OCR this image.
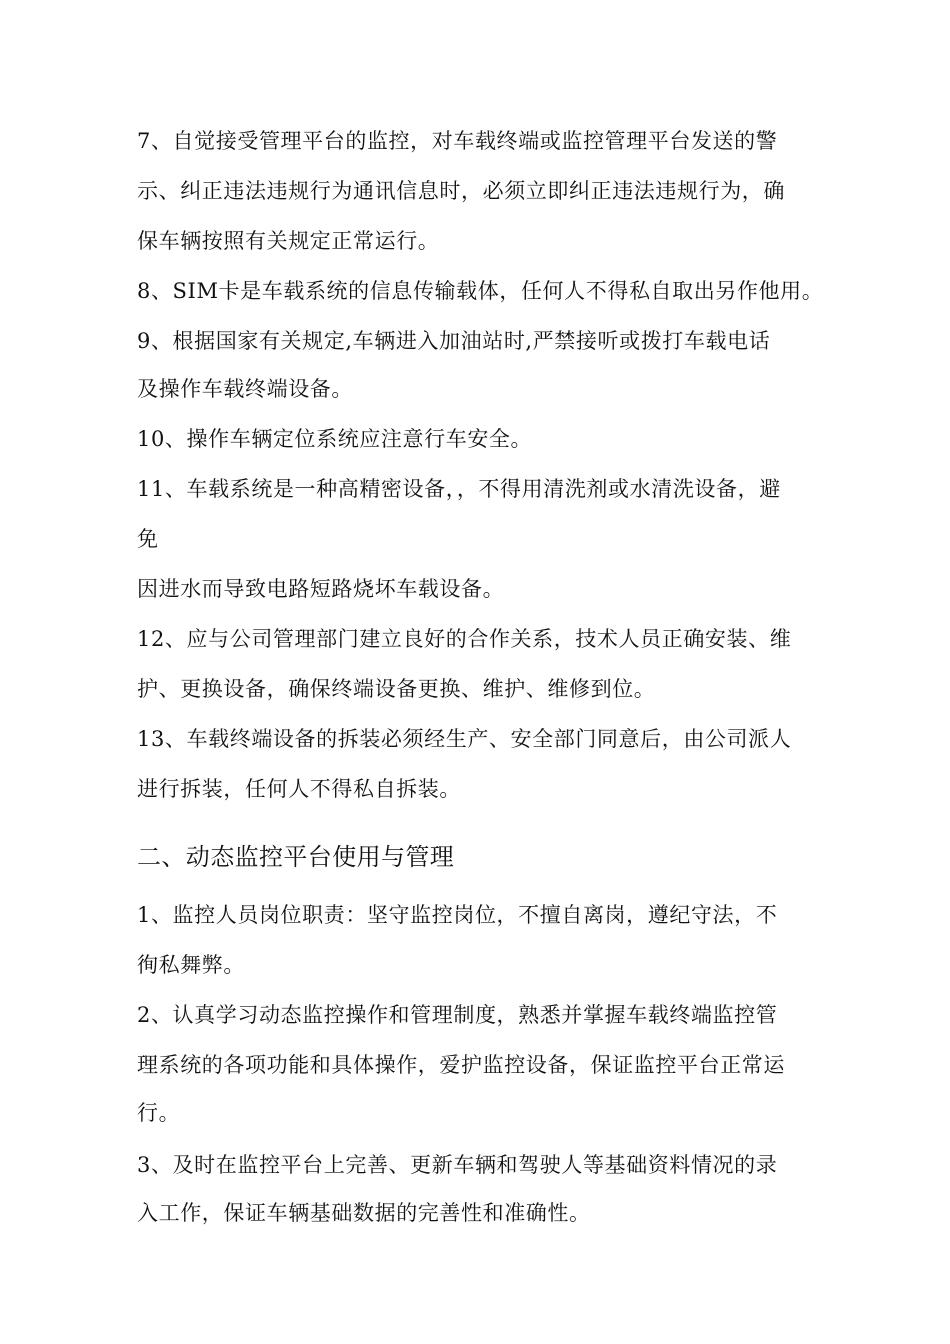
7、自觉接受管理平台的监控，对车载终端或监控管理平台发送的警
示、纠正违法违规行为通讯信息时，必须立即纠正违法违规行为，确
保车辆按照有关规定正常运行。
8、SIM卡是车载系统的信息传输载体，任何人不得私自取出另作他用。
9、根据国家有关规定,车辆进入加油站时,严禁接听或拨打车载电话
及操作车载终端设备。
10、操作车辆定位系统应注意行车安全。
11、车载系统是一种高精密设备，，不得用清洗剂或水清洗设备，避
免
因进水而导致电路短路烧坏车载设备。
12、应与公司管理部门建立良好的合作关系，技术人员正确安装、维
护、更换设备，确保终端设备更换、维护、维修到位。
13、车载终端设备的拆装必须经生产、安全部门同意后，由公司派人
进行拆装，任何人不得私自拆装。
二、动态监控平台使用与管理
1、监控人员岗位职责：坚守监控岗位，不擅自离岗，遵纪守法，不
徇私舞弊。
2、认真学习动态监控操作和管理制度，熟悉并掌握车载终端监控管
理系统的各项功能和具体操作，爱护监控设备，保证监控平台正常运
行。
3、及时在监控平台上完善、更新车辆和驾驶人等基础资料情况的录
入工作，保证车辆基础数据的完善性和准确性。
